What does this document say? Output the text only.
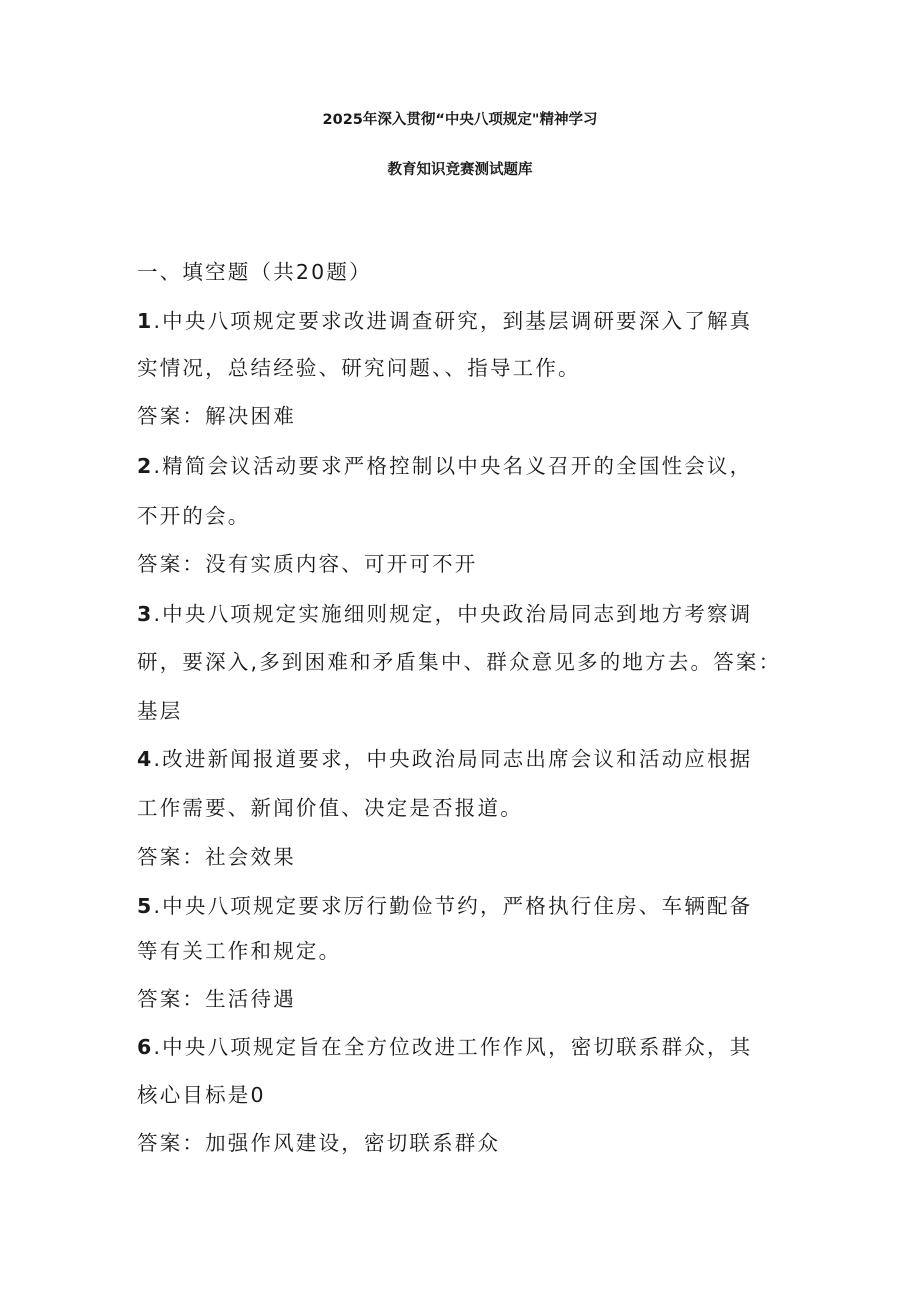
2025年深入贯彻“中央八项规定"精神学习
教育知识竞赛测试题库
一、填空题（共20题）
1.中央八项规定要求改进调查研究，到基层调研要深入了解真
实情况，总结经验、研究问题、、指导工作。
答案：解决困难
2.精简会议活动要求严格控制以中央名义召开的全国性会议，
不开的会。
答案：没有实质内容、可开可不开
3.中央八项规定实施细则规定，中央政治局同志到地方考察调
研，要深入,多到困难和矛盾集中、群众意见多的地方去。答案：
基层
4.改进新闻报道要求，中央政治局同志出席会议和活动应根据
工作需要、新闻价值、决定是否报道。
答案：社会效果
5.中央八项规定要求厉行勤俭节约，严格执行住房、车辆配备
等有关工作和规定。
答案：生活待遇
6.中央八项规定旨在全方位改进工作作风，密切联系群众，其
核心目标是0
答案：加强作风建设，密切联系群众
